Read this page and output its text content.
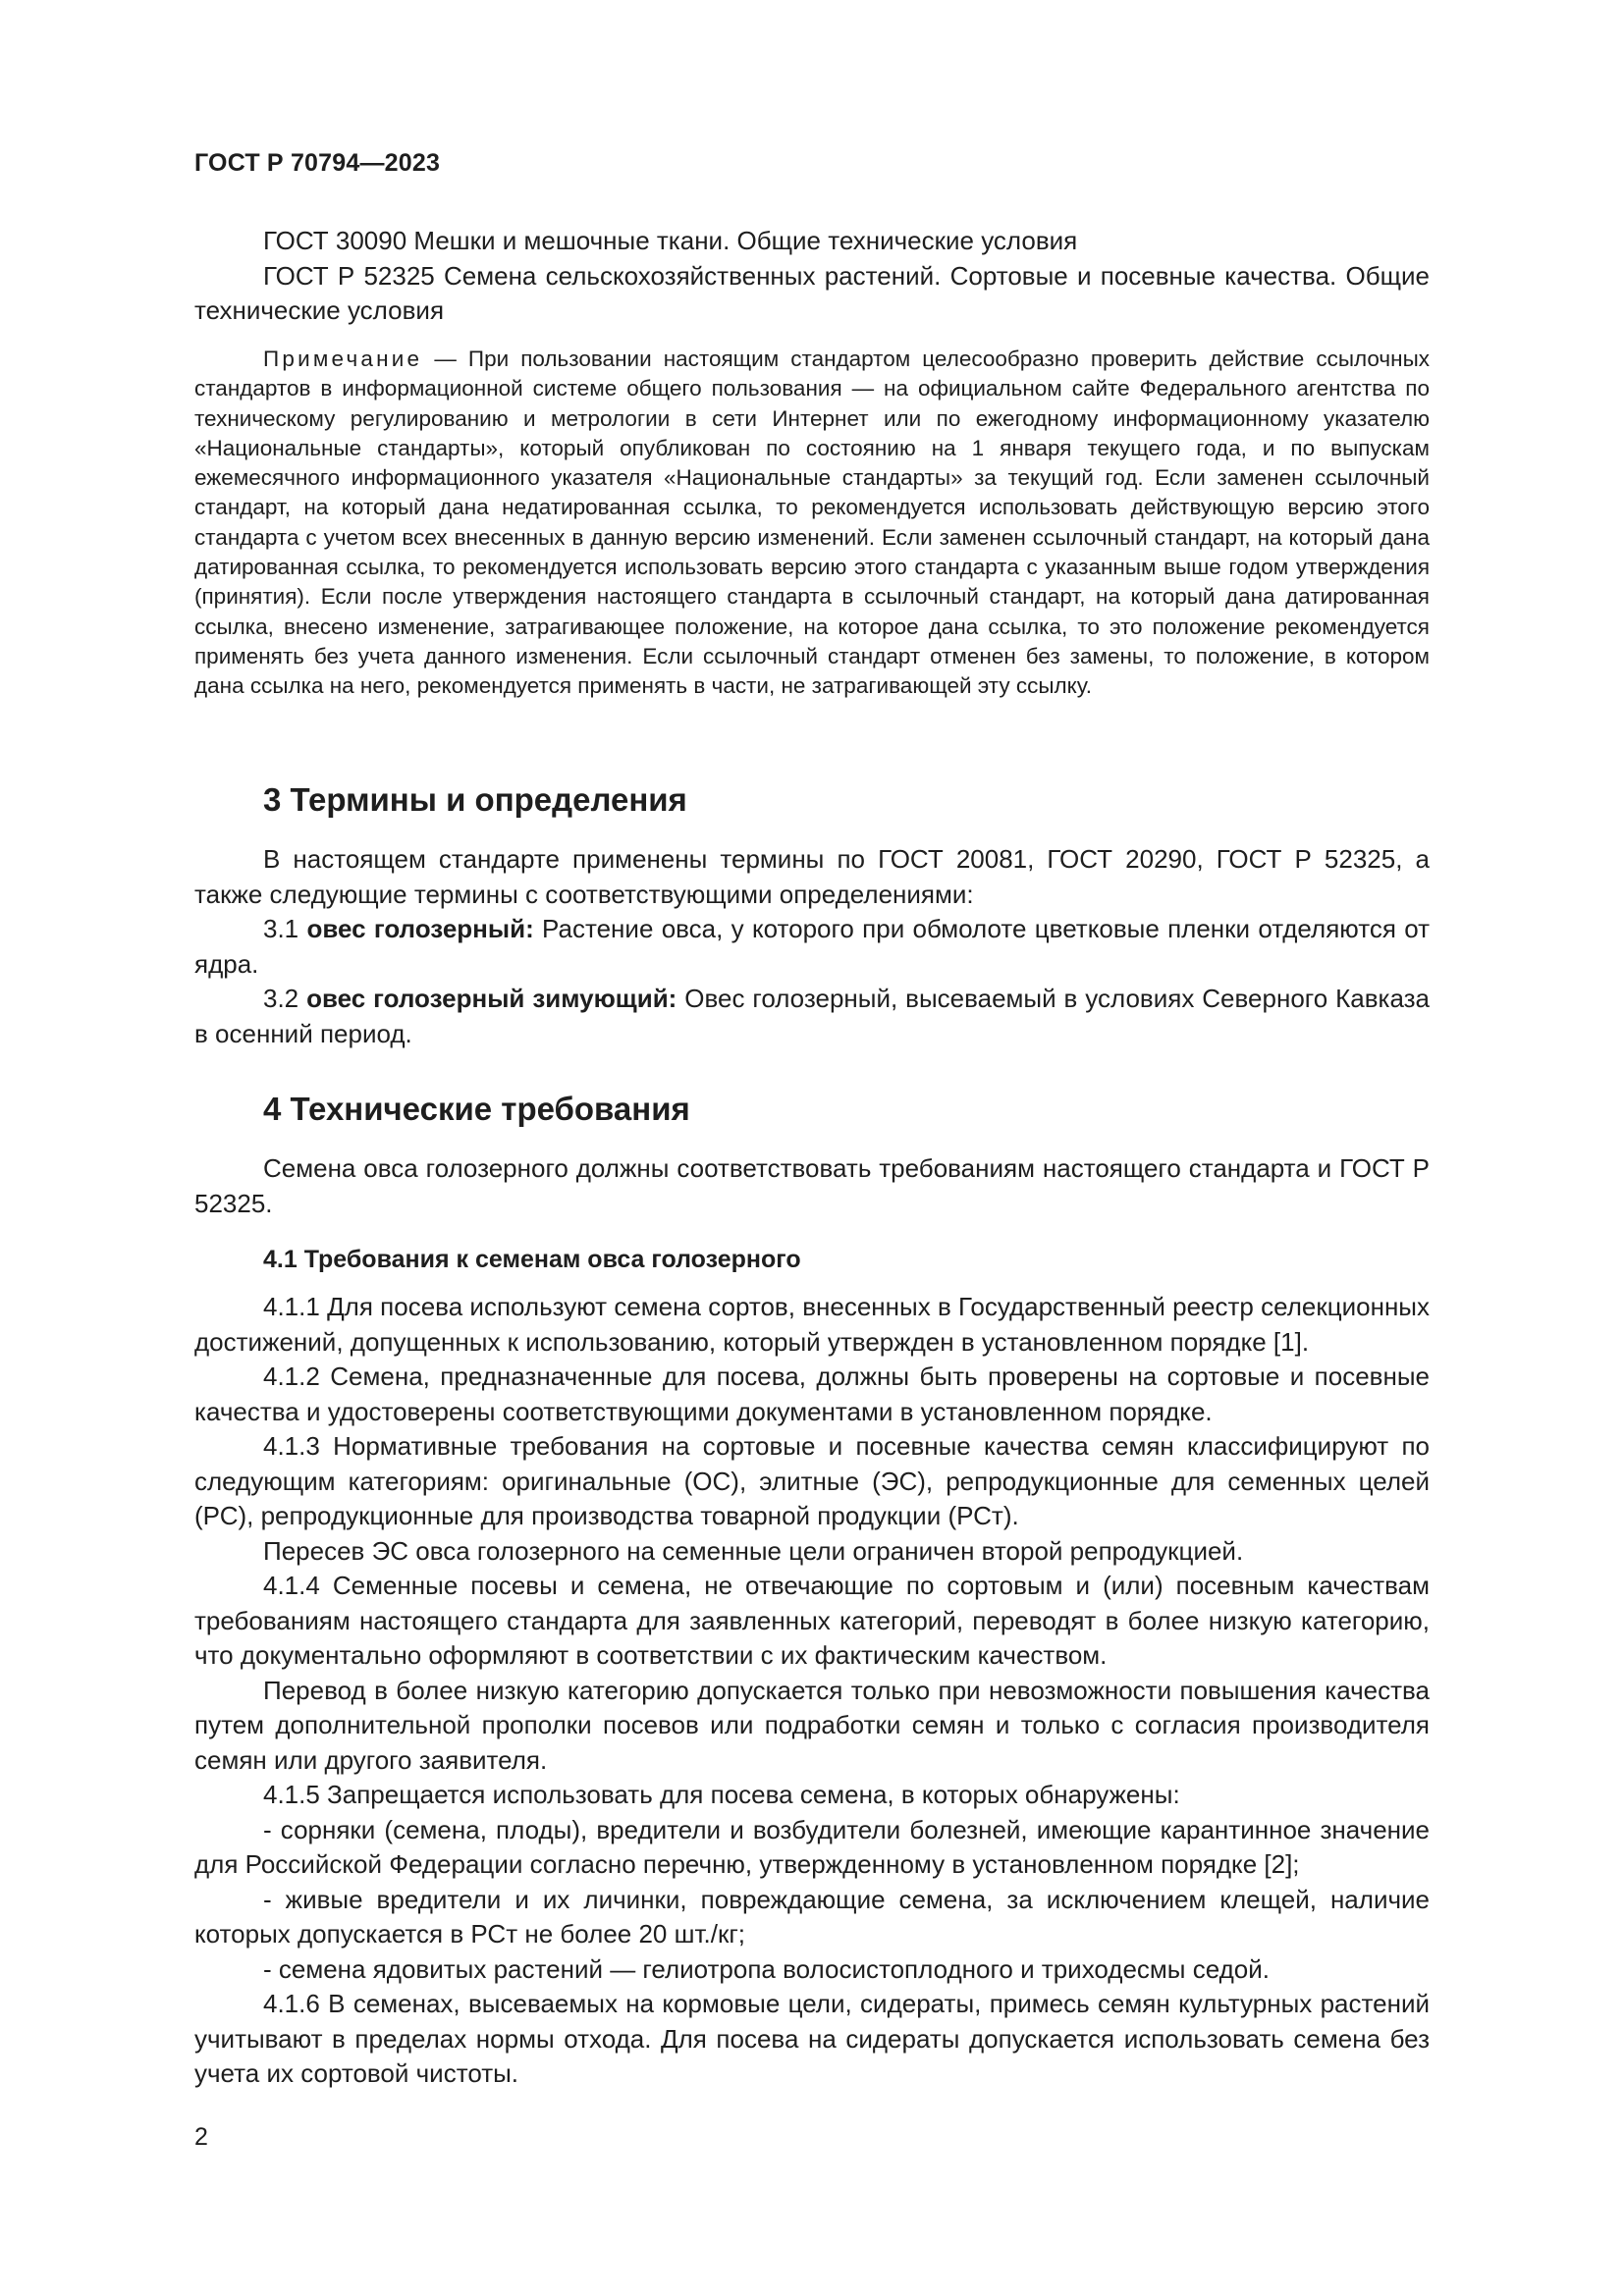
ГОСТ Р 70794—2023

ГОСТ 30090 Мешки и мешочные ткани. Общие технические условия

ГОСТ Р 52325 Семена сельскохозяйственных растений. Сортовые и посевные качества. Общие технические условия

Примечание — При пользовании настоящим стандартом целесообразно проверить действие ссылочных стандартов в информационной системе общего пользования — на официальном сайте Федерального агентства по техническому регулированию и метрологии в сети Интернет или по ежегодному информационному указателю «Национальные стандарты», который опубликован по состоянию на 1 января текущего года, и по выпускам ежемесячного информационного указателя «Национальные стандарты» за текущий год. Если заменен ссылочный стандарт, на который дана недатированная ссылка, то рекомендуется использовать действующую версию этого стандарта с учетом всех внесенных в данную версию изменений. Если заменен ссылочный стандарт, на который дана датированная ссылка, то рекомендуется использовать версию этого стандарта с указанным выше годом утверждения (принятия). Если после утверждения настоящего стандарта в ссылочный стандарт, на который дана датированная ссылка, внесено изменение, затрагивающее положение, на которое дана ссылка, то это положение рекомендуется применять без учета данного изменения. Если ссылочный стандарт отменен без замены, то положение, в котором дана ссылка на него, рекомендуется применять в части, не затрагивающей эту ссылку.

3 Термины и определения

В настоящем стандарте применены термины по ГОСТ 20081, ГОСТ 20290, ГОСТ Р 52325, а также следующие термины с соответствующими определениями:

3.1 овес голозерный: Растение овса, у которого при обмолоте цветковые пленки отделяются от ядра.

3.2 овес голозерный зимующий: Овес голозерный, высеваемый в условиях Северного Кавказа в осенний период.

4 Технические требования

Семена овса голозерного должны соответствовать требованиям настоящего стандарта и ГОСТ Р 52325.

4.1 Требования к семенам овса голозерного

4.1.1 Для посева используют семена сортов, внесенных в Государственный реестр селекционных достижений, допущенных к использованию, который утвержден в установленном порядке [1].

4.1.2 Семена, предназначенные для посева, должны быть проверены на сортовые и посевные качества и удостоверены соответствующими документами в установленном порядке.

4.1.3 Нормативные требования на сортовые и посевные качества семян классифицируют по следующим категориям: оригинальные (ОС), элитные (ЭС), репродукционные для семенных целей (РС), репродукционные для производства товарной продукции (РСт).

Пересев ЭС овса голозерного на семенные цели ограничен второй репродукцией.

4.1.4 Семенные посевы и семена, не отвечающие по сортовым и (или) посевным качествам требованиям настоящего стандарта для заявленных категорий, переводят в более низкую категорию, что документально оформляют в соответствии с их фактическим качеством.

Перевод в более низкую категорию допускается только при невозможности повышения качества путем дополнительной прополки посевов или подработки семян и только с согласия производителя семян или другого заявителя.

4.1.5 Запрещается использовать для посева семена, в которых обнаружены:

- сорняки (семена, плоды), вредители и возбудители болезней, имеющие карантинное значение для Российской Федерации согласно перечню, утвержденному в установленном порядке [2];

- живые вредители и их личинки, повреждающие семена, за исключением клещей, наличие которых допускается в РСт не более 20 шт./кг;

- семена ядовитых растений — гелиотропа волосистоплодного и триходесмы седой.

4.1.6 В семенах, высеваемых на кормовые цели, сидераты, примесь семян культурных растений учитывают в пределах нормы отхода. Для посева на сидераты допускается использовать семена без учета их сортовой чистоты.

2
